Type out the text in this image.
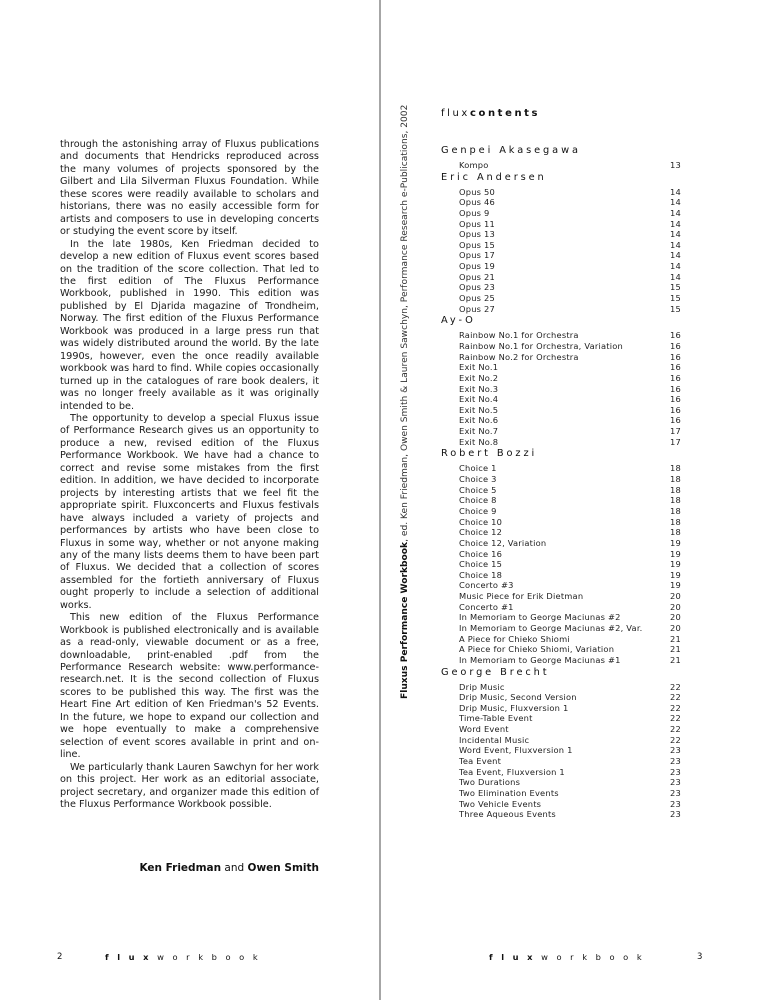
through the astonishing array of Fluxus publications and documents that Hendricks reproduced across the many volumes of projects sponsored by the Gilbert and Lila Silverman Fluxus Foundation. While these scores were readily available to scholars and historians, there was no easily accessible form for artists and composers to use in developing concerts or studying the event score by itself.

In the late 1980s, Ken Friedman decided to develop a new edition of Fluxus event scores based on the tradition of the score collection. That led to the first edition of The Fluxus Performance Workbook, published in 1990. This edition was published by El Djarida magazine of Trondheim, Norway. The first edition of the Fluxus Performance Workbook was produced in a large press run that was widely distributed around the world. By the late 1990s, however, even the once readily available workbook was hard to find. While copies occasionally turned up in the catalogues of rare book dealers, it was no longer freely available as it was originally intended to be.

The opportunity to develop a special Fluxus issue of Performance Research gives us an opportunity to produce a new, revised edition of the Fluxus Performance Workbook. We have had a chance to correct and revise some mistakes from the first edition. In addition, we have decided to incorporate projects by interesting artists that we feel fit the appropriate spirit. Fluxconcerts and Fluxus festivals have always included a variety of projects and performances by artists who have been close to Fluxus in some way, whether or not anyone making any of the many lists deems them to have been part of Fluxus. We decided that a collection of scores assembled for the fortieth anniversary of Fluxus ought properly to include a selection of additional works.

This new edition of the Fluxus Performance Workbook is published electronically and is available as a read-only, viewable document or as a free, downloadable, print-enabled .pdf from the Performance Research website: www.performance-research.net. It is the second collection of Fluxus scores to be published this way. The first was the Heart Fine Art edition of Ken Friedman's 52 Events. In the future, we hope to expand our collection and we hope eventually to make a comprehensive selection of event scores available in print and on-line.

We particularly thank Lauren Sawchyn for her work on this project. Her work as an editorial associate, project secretary, and organizer made this edition of the Fluxus Performance Workbook possible.

Ken Friedman and Owen Smith
Fluxus Performance Workbook, ed. Ken Friedman, Owen Smith & Lauren Sawchyn, Performance Research e-Publications, 2002	fluxcontents
Genpei Akasegawa
Kompo	13
Eric Andersen
Opus 50	14
Opus 46	14
Opus 9	14
Opus 11	14
Opus 13	14
Opus 15	14
Opus 17	14
Opus 19	14
Opus 21	14
Opus 23	15
Opus 25	15
Opus 27	15
Ay-O
Rainbow No.1 for Orchestra	16
Rainbow No.1 for Orchestra, Variation	16
Rainbow No.2 for Orchestra	16
Exit No.1	16
Exit No.2	16
Exit No.3	16
Exit No.4	16
Exit No.5	16
Exit No.6	16
Exit No.7	17
Exit No.8	17
Robert Bozzi
Choice 1	18
Choice 3	18
Choice 5	18
Choice 8	18
Choice 9	18
Choice 10	18
Choice 12	18
Choice 12, Variation	19
Choice 16	19
Choice 15	19
Choice 18	19
Concerto #3	19
Music Piece for Erik Dietman	20
Concerto #1	20
In Memoriam to George Maciunas #2	20
In Memoriam to George Maciunas #2, Var.	20
A Piece for Chieko Shiomi	21
A Piece for Chieko Shiomi, Variation	21
In Memoriam to George Maciunas #1	21
George Brecht
Drip Music	22
Drip Music, Second Version	22
Drip Music, Fluxversion 1	22
Time-Table Event	22
Word Event	22
Incidental Music	22
Word Event, Fluxversion 1	23
Tea Event	23
Tea Event, Fluxversion 1	23
Two Durations	23
Two Elimination Events	23
Two Vehicle Events	23
Three Aqueous Events	23
2	fluxworkbook	fluxworkbook	3
